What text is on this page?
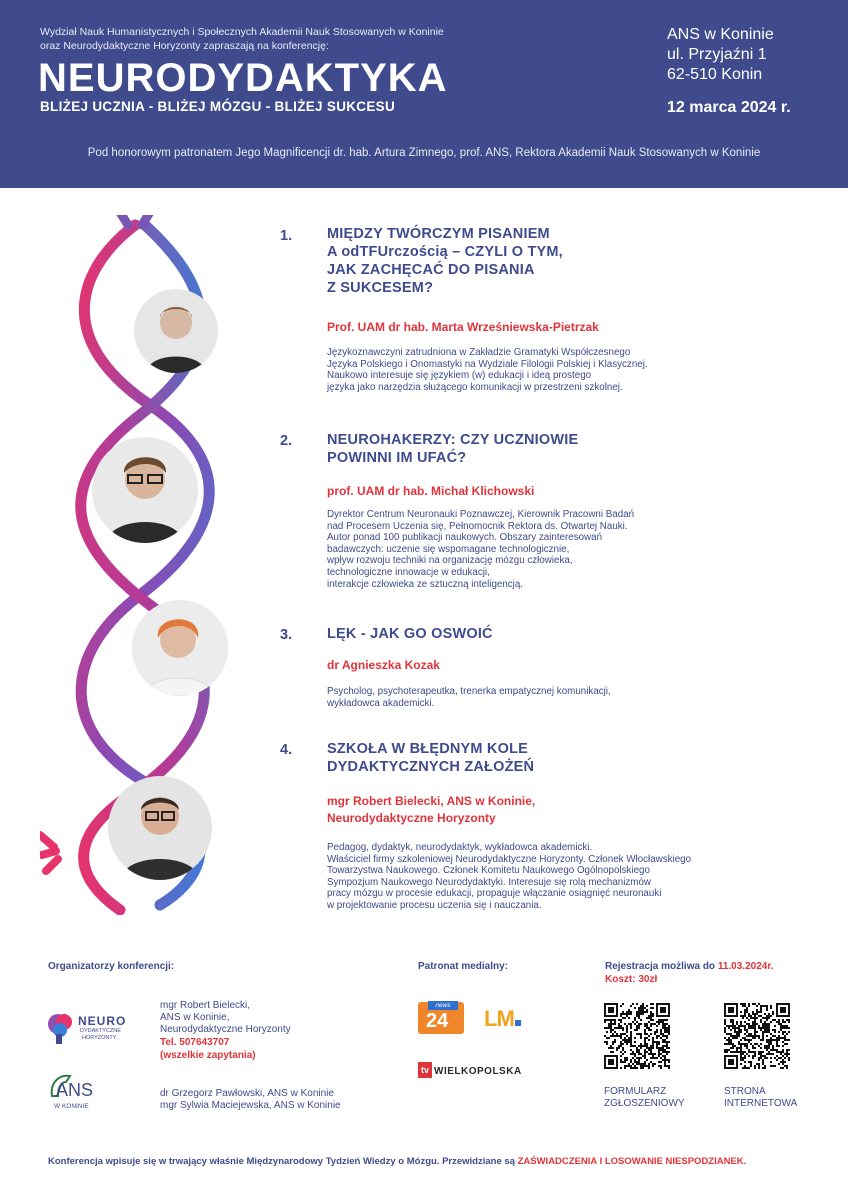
Wydział Nauk Humanistycznych i Społecznych Akademii Nauk Stosowanych w Koninie
oraz Neurodydaktyczne Horyzonty zapraszają na konferencję:
NEURODYDAKTYKA
BLIŻEJ UCZNIA - BLIŻEJ MÓZGU - BLIŻEJ SUKCESU
ANS w Koninie
ul. Przyjaźni 1
62-510 Konin
12 marca 2024 r.
Pod honorowym patronatem Jego Magnificencji dr. hab. Artura Zimnego, prof. ANS, Rektora Akademii Nauk Stosowanych w Koninie
1. MIĘDZY TWÓRCZYM PISANIEM
A odTFUrczością – CZYLI O TYM,
JAK ZACHĘCAĆ DO PISANIA
Z SUKCESEM?
Prof. UAM dr hab. Marta Wrześniewska-Pietrzak
Językoznawczyni zatrudniona w Zakładzie Gramatyki Współczesnego
Języka Polskiego i Onomastyki na Wydziale Filologii Polskiej i Klasycznej.
Naukowo interesuje się językiem (w) edukacji i ideą prostego
języka jako narzędzia służącego komunikacji w przestrzeni szkolnej.
2. NEUROHAKERZY: CZY UCZNIOWIE
POWINNI IM UFAĆ?
prof. UAM dr hab. Michał Klichowski
Dyrektor Centrum Neuronauki Poznawczej, Kierownik Pracowni Badań
nad Procesem Uczenia się, Pełnomocnik Rektora ds. Otwartej Nauki.
Autor ponad 100 publikacji naukowych. Obszary zainteresowań
badawczych: uczenie się wspomagane technologicznie,
wpływ rozwoju techniki na organizację mózgu człowieka,
technologiczne innowacje w edukacji,
interakcje człowieka ze sztuczną inteligencją.
3. LĘK - JAK GO OSWOIĆ
dr Agnieszka Kozak
Psycholog, psychoterapeutka, trenerka empatycznej komunikacji,
wykładowca akademicki.
4. SZKOŁA W BŁĘDNYM KOLE
DYDAKTYCZNYCH ZAŁOŻEŃ
mgr Robert Bielecki, ANS w Koninie,
Neurodydaktyczne Horyzonty
Pedagog, dydaktyk, neurodydaktyk, wykładowca akademicki.
Właściciel firmy szkoleniowej Neurodydaktyczne Horyzonty. Członek Włocławskiego
Towarzystwa Naukowego. Członek Komitetu Naukowego Ogólnopolskiego
Sympozjum Naukowego Neurodydaktyki. Interesuje się rolą mechanizmów
pracy mózgu w procesie edukacji, propaguje włączanie osiągnięć neuronauki
w projektowanie procesu uczenia się i nauczania.
Organizatorzy konferencji:
NEURO
DYDAKTYCZNE
HORYZONTY
mgr Robert Bielecki,
ANS w Koninie,
Neurodydaktyczne Horyzonty
Tel. 507643707
(wszelkie zapytania)
ANS
W KONINIE
dr Grzegorz Pawłowski, ANS w Koninie
mgr Sylwia Maciejewska, ANS w Koninie
Patronat medialny:
news
24 LM
tv WIELKOPOLSKA
Rejestracja możliwa do 11.03.2024r.
Koszt: 30zł
FORMULARZ
ZGŁOSZENIOWY
STRONA
INTERNETOWA
Konferencja wpisuje się w trwający właśnie Międzynarodowy Tydzień Wiedzy o Mózgu. Przewidziane są ZAŚWIADCZENIA I LOSOWANIE NIESPODZIANEK.
